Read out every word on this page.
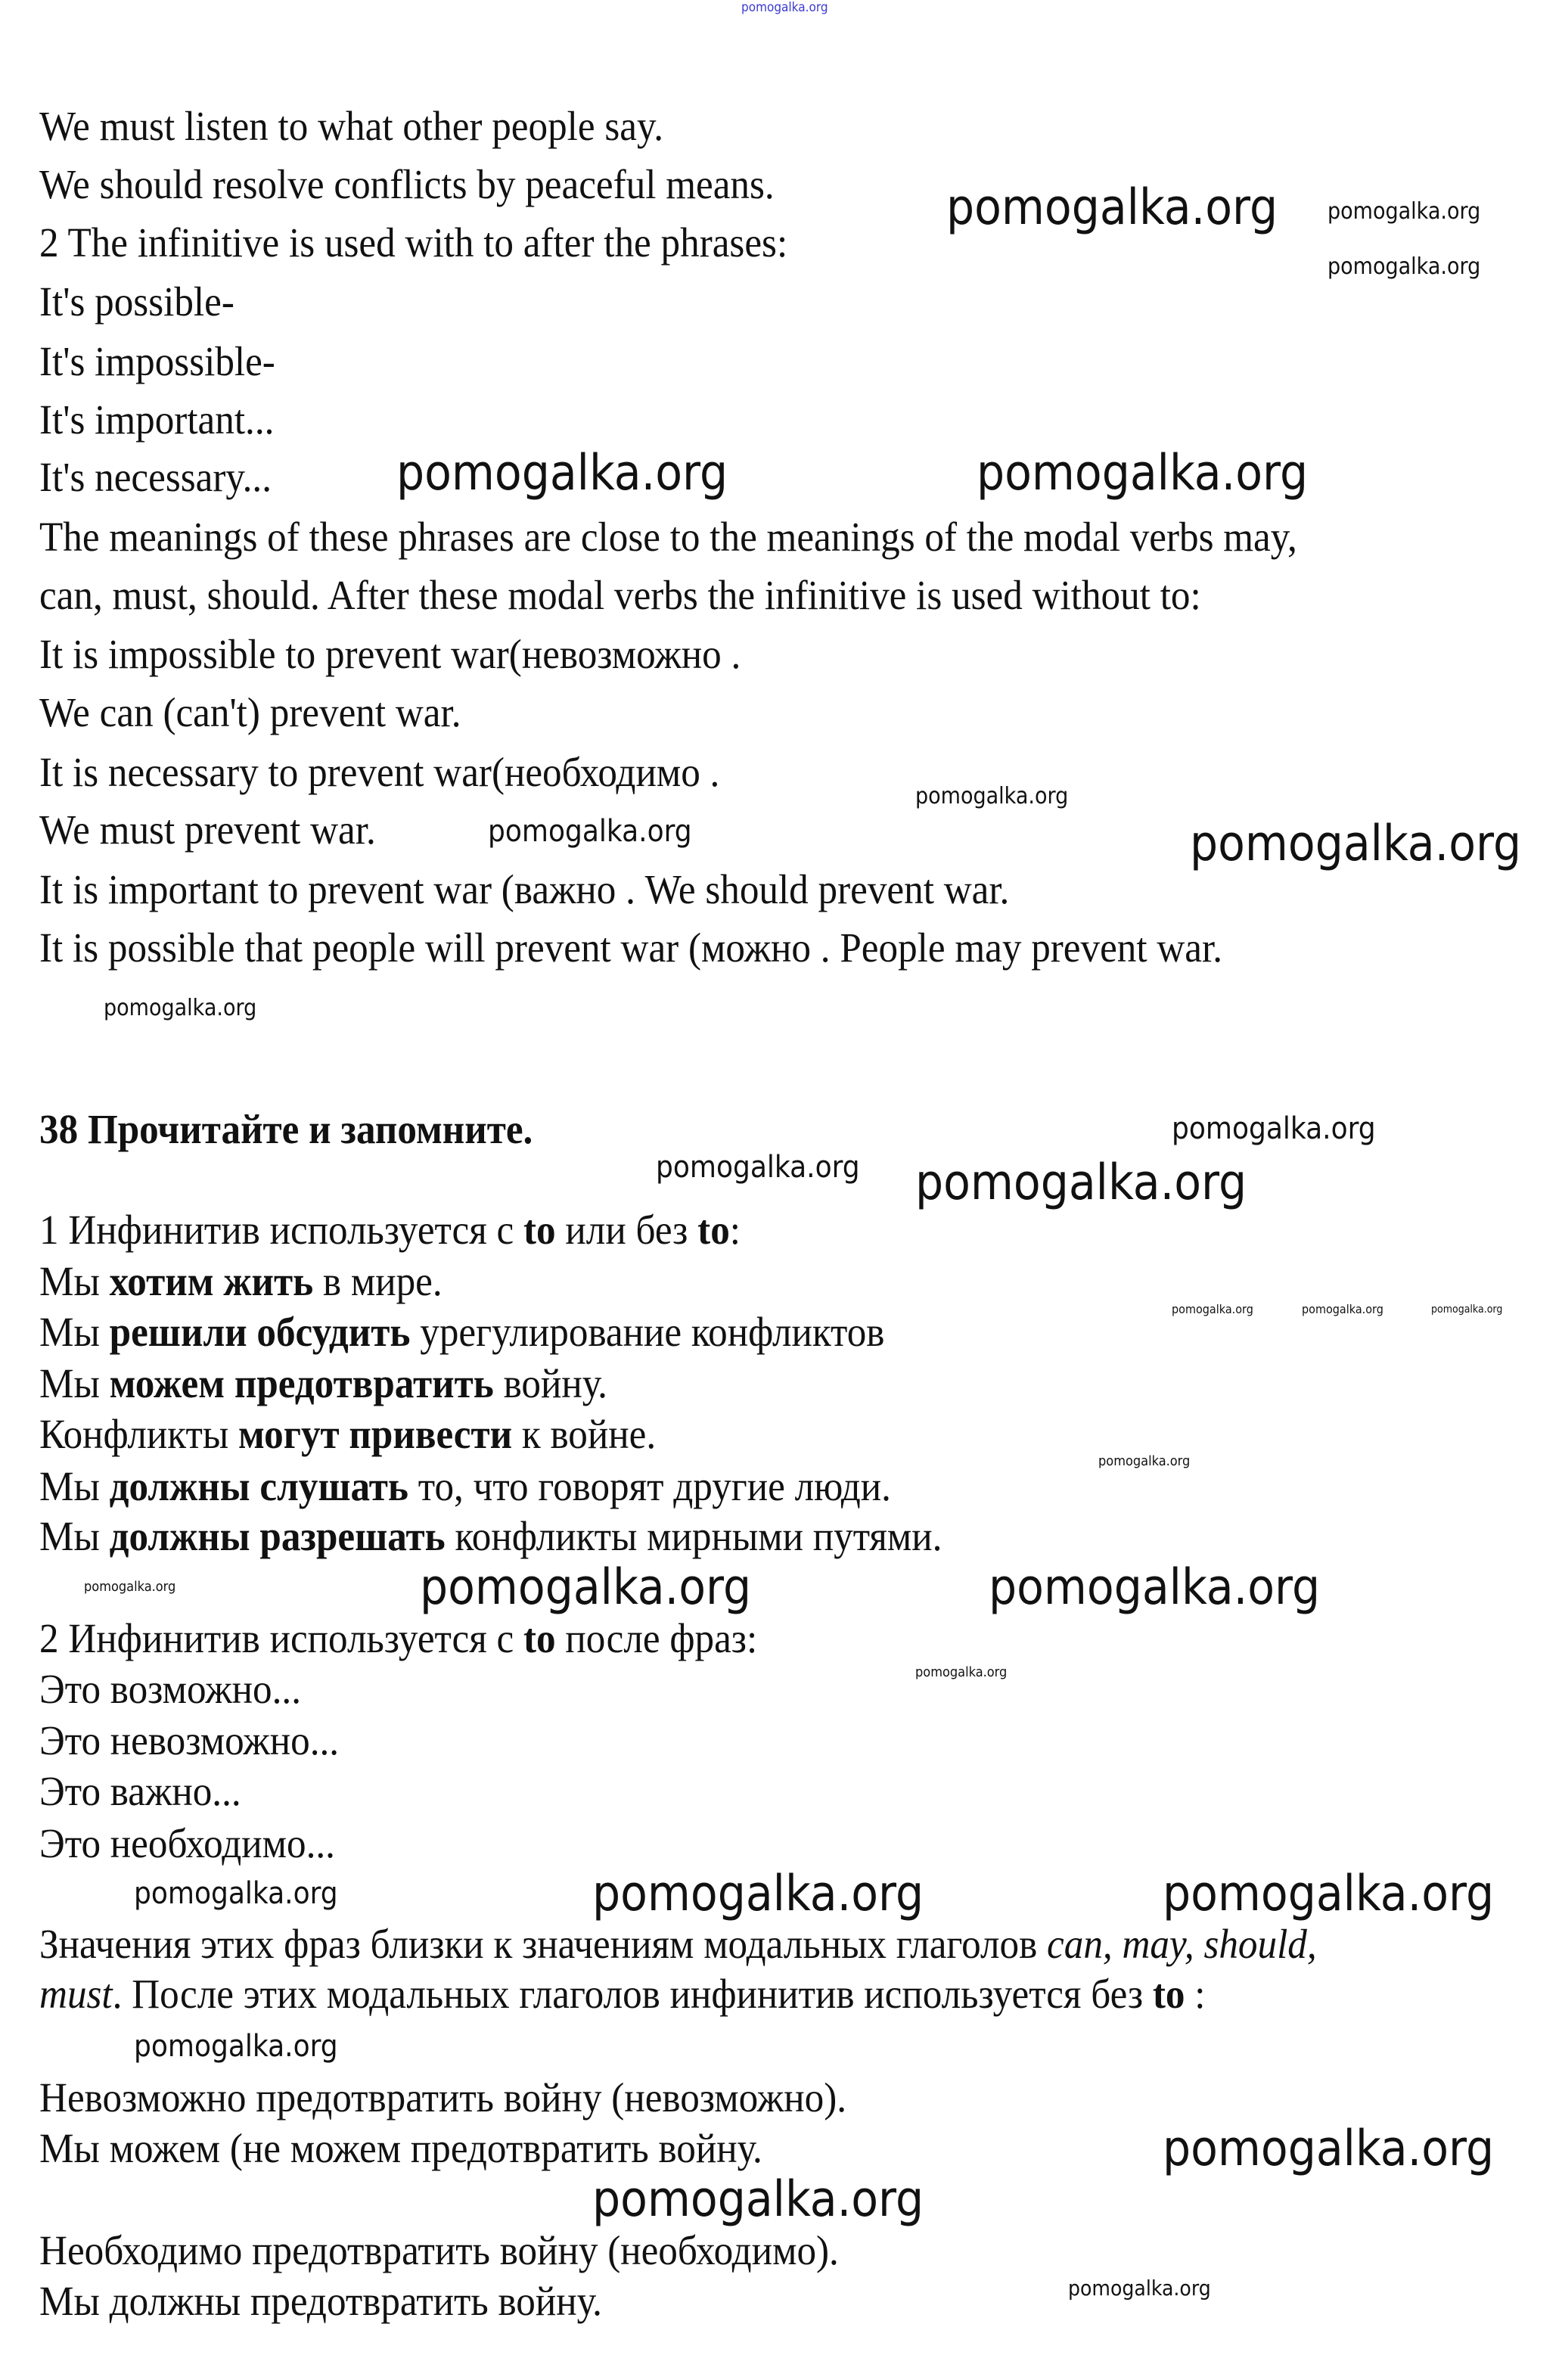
pomogalka.org
We must listen to what other people say.
We should resolve conflicts by peaceful means.
2 The infinitive is used with to after the phrases:
It's possible-
It's impossible-
It's important...
It's necessary...
The meanings of these phrases are close to the meanings of the modal verbs may,
can, must, should. After these modal verbs the infinitive is used without to:
It is impossible to prevent war(невозможно .
We can (can't) prevent war.
It is necessary to prevent war(необходимо .
We must prevent war.
It is important to prevent war (важно . We should prevent war.
It is possible that people will prevent war (можно . People may prevent war.
38 Прочитайте и запомните.
1 Инфинитив используется с to или без to:
Мы хотим жить в мире.
Мы решили обсудить урегулирование конфликтов
Мы можем предотвратить войну.
Конфликты могут привести к войне.
Мы должны слушать то, что говорят другие люди.
Мы должны разрешать конфликты мирными путями.
2 Инфинитив используется с to после фраз:
Это возможно...
Это невозможно...
Это важно...
Это необходимо...
Значения этих фраз близки к значениям модальных глаголов can, may, should,
must. После этих модальных глаголов инфинитив используется без to :
Невозможно предотвратить войну (невозможно).
Мы можем (не можем предотвратить войну.
Необходимо предотвратить войну (необходимо).
Мы должны предотвратить войну.
pomogalka.org pomogalka.org
pomogalka.org
pomogalka.org	pomogalka.org
pomogalka.org
pomogalka.org	pomogalka.org
pomogalka.org
pomogalka.org
pomogalka.org pomogalka.org
pomogalka.org	pomogalka.org	pomogalka.org
pomogalka.org
pomogalka.org	pomogalka.org
pomogalka.org
pomogalka.org
pomogalka.org	pomogalka.org	pomogalka.org
pomogalka.org
pomogalka.org
pomogalka.org
pomogalka.org
